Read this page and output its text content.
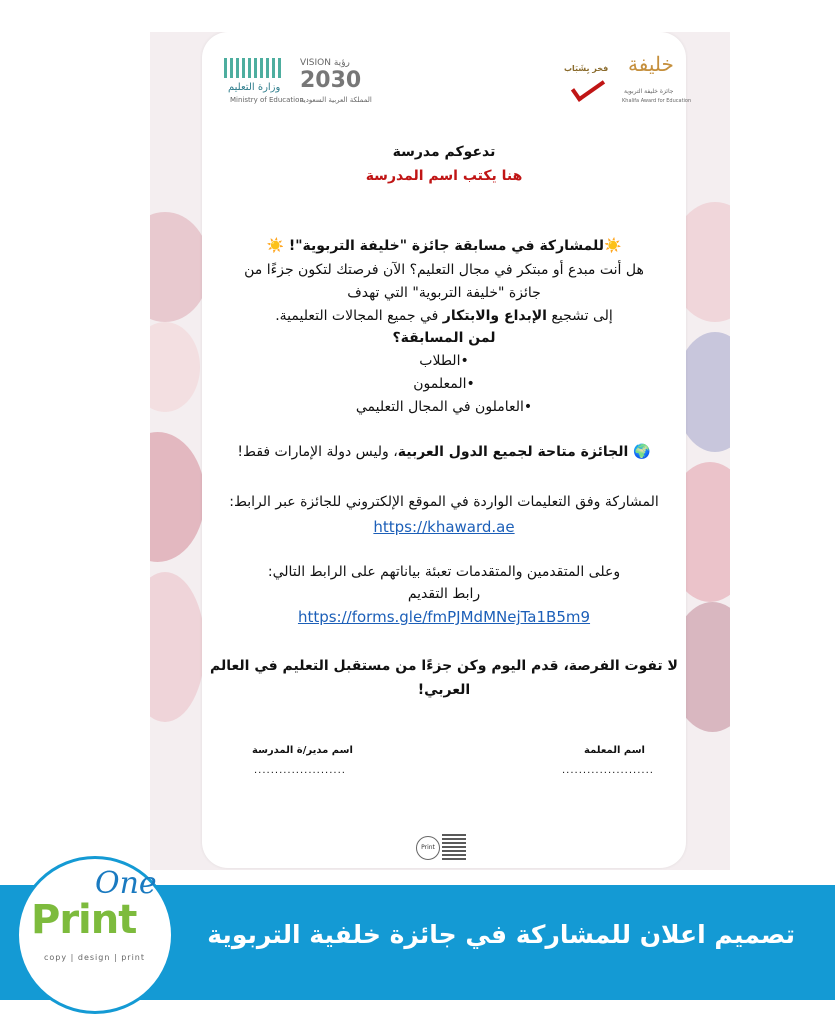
وزارة التعليم
Ministry of Education
VISION رؤية
2030
المملكة العربية السعودية
فخر بِشَبَاب خليفة
جائزة خليفة التربوية
Khalifa Award for Education
تدعوكم مدرسة
هنا يكتب اسم المدرسة
☀️للمشاركة في مسابقة جائزة "خليفة التربوية"! ☀️
هل أنت مبدع أو مبتكر في مجال التعليم؟ الآن فرصتك لتكون جزءًا من
جائزة "خليفة التربوية" التي تهدف
إلى تشجيع الإبداع والابتكار في جميع المجالات التعليمية.
لمن المسابقة؟
•الطلاب
•المعلمون
•العاملون في المجال التعليمي
🌍 الجائزة متاحة لجميع الدول العربية، وليس دولة الإمارات فقط!
المشاركة وفق التعليمات الواردة في الموقع الإلكتروني للجائزة عبر الرابط:
https://khaward.ae
وعلى المتقدمين والمتقدمات تعبئة بياناتهم على الرابط التالي:
رابط التقديم
https://forms.gle/fmPJMdMNejTa1B5m9
لا تفوت الفرصة، قدم اليوم وكن جزءًا من مستقبل التعليم في العالم
العربي!
اسم مدير/ة المدرسة
......................
اسم المعلمة
......................
Print
تصميم اعلان للمشاركة في جائزة خلفية التربوية
One
Print
copy | design | print
